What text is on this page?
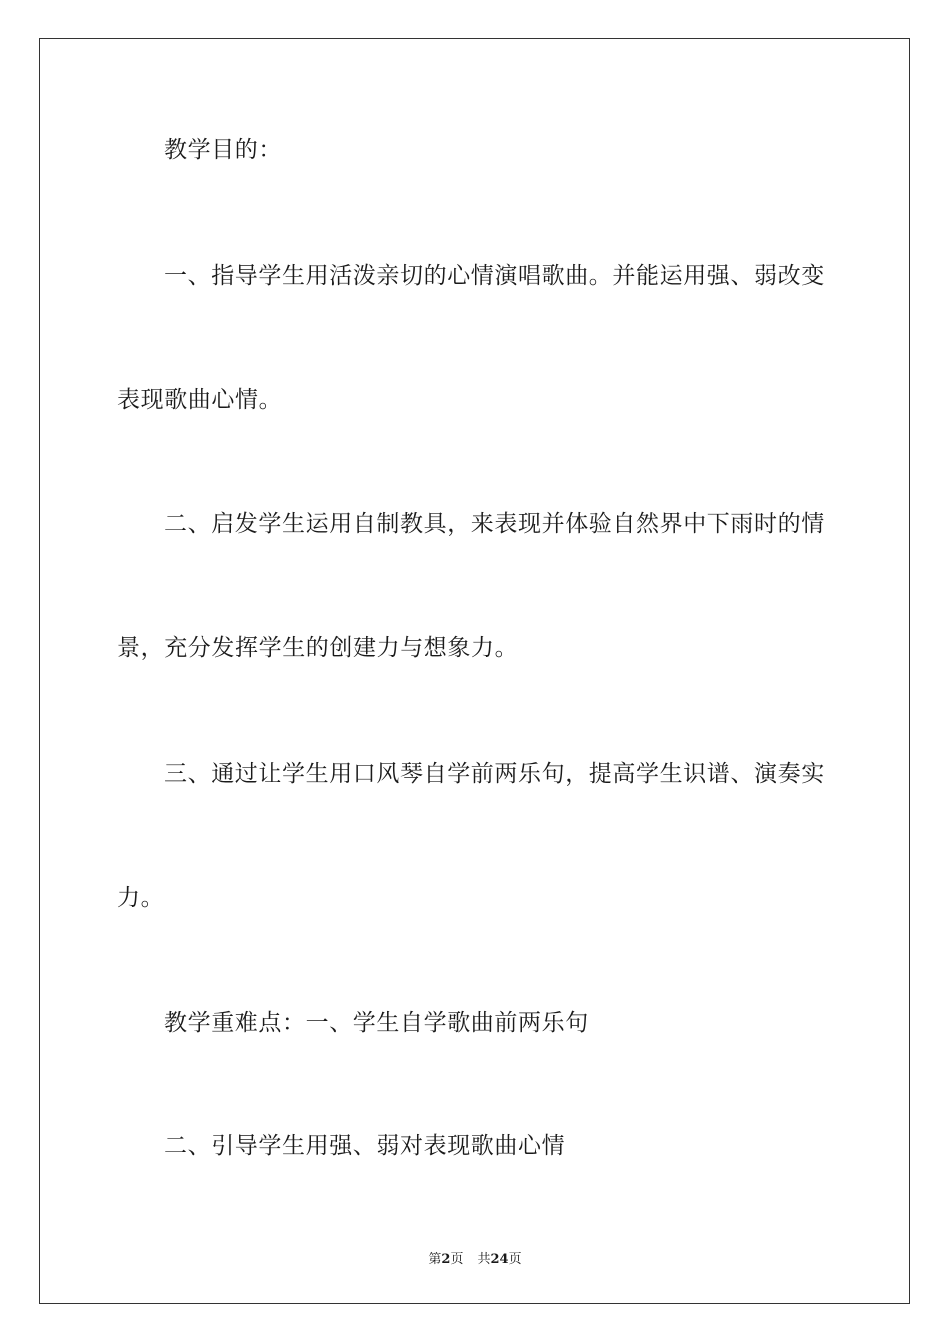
教学目的：
一、指导学生用活泼亲切的心情演唱歌曲。并能运用强、弱改变
表现歌曲心情。
二、启发学生运用自制教具，来表现并体验自然界中下雨时的情
景，充分发挥学生的创建力与想象力。
三、通过让学生用口风琴自学前两乐句，提高学生识谱、演奏实
力。
教学重难点：一、学生自学歌曲前两乐句
二、引导学生用强、弱对表现歌曲心情
第2页 共24页
